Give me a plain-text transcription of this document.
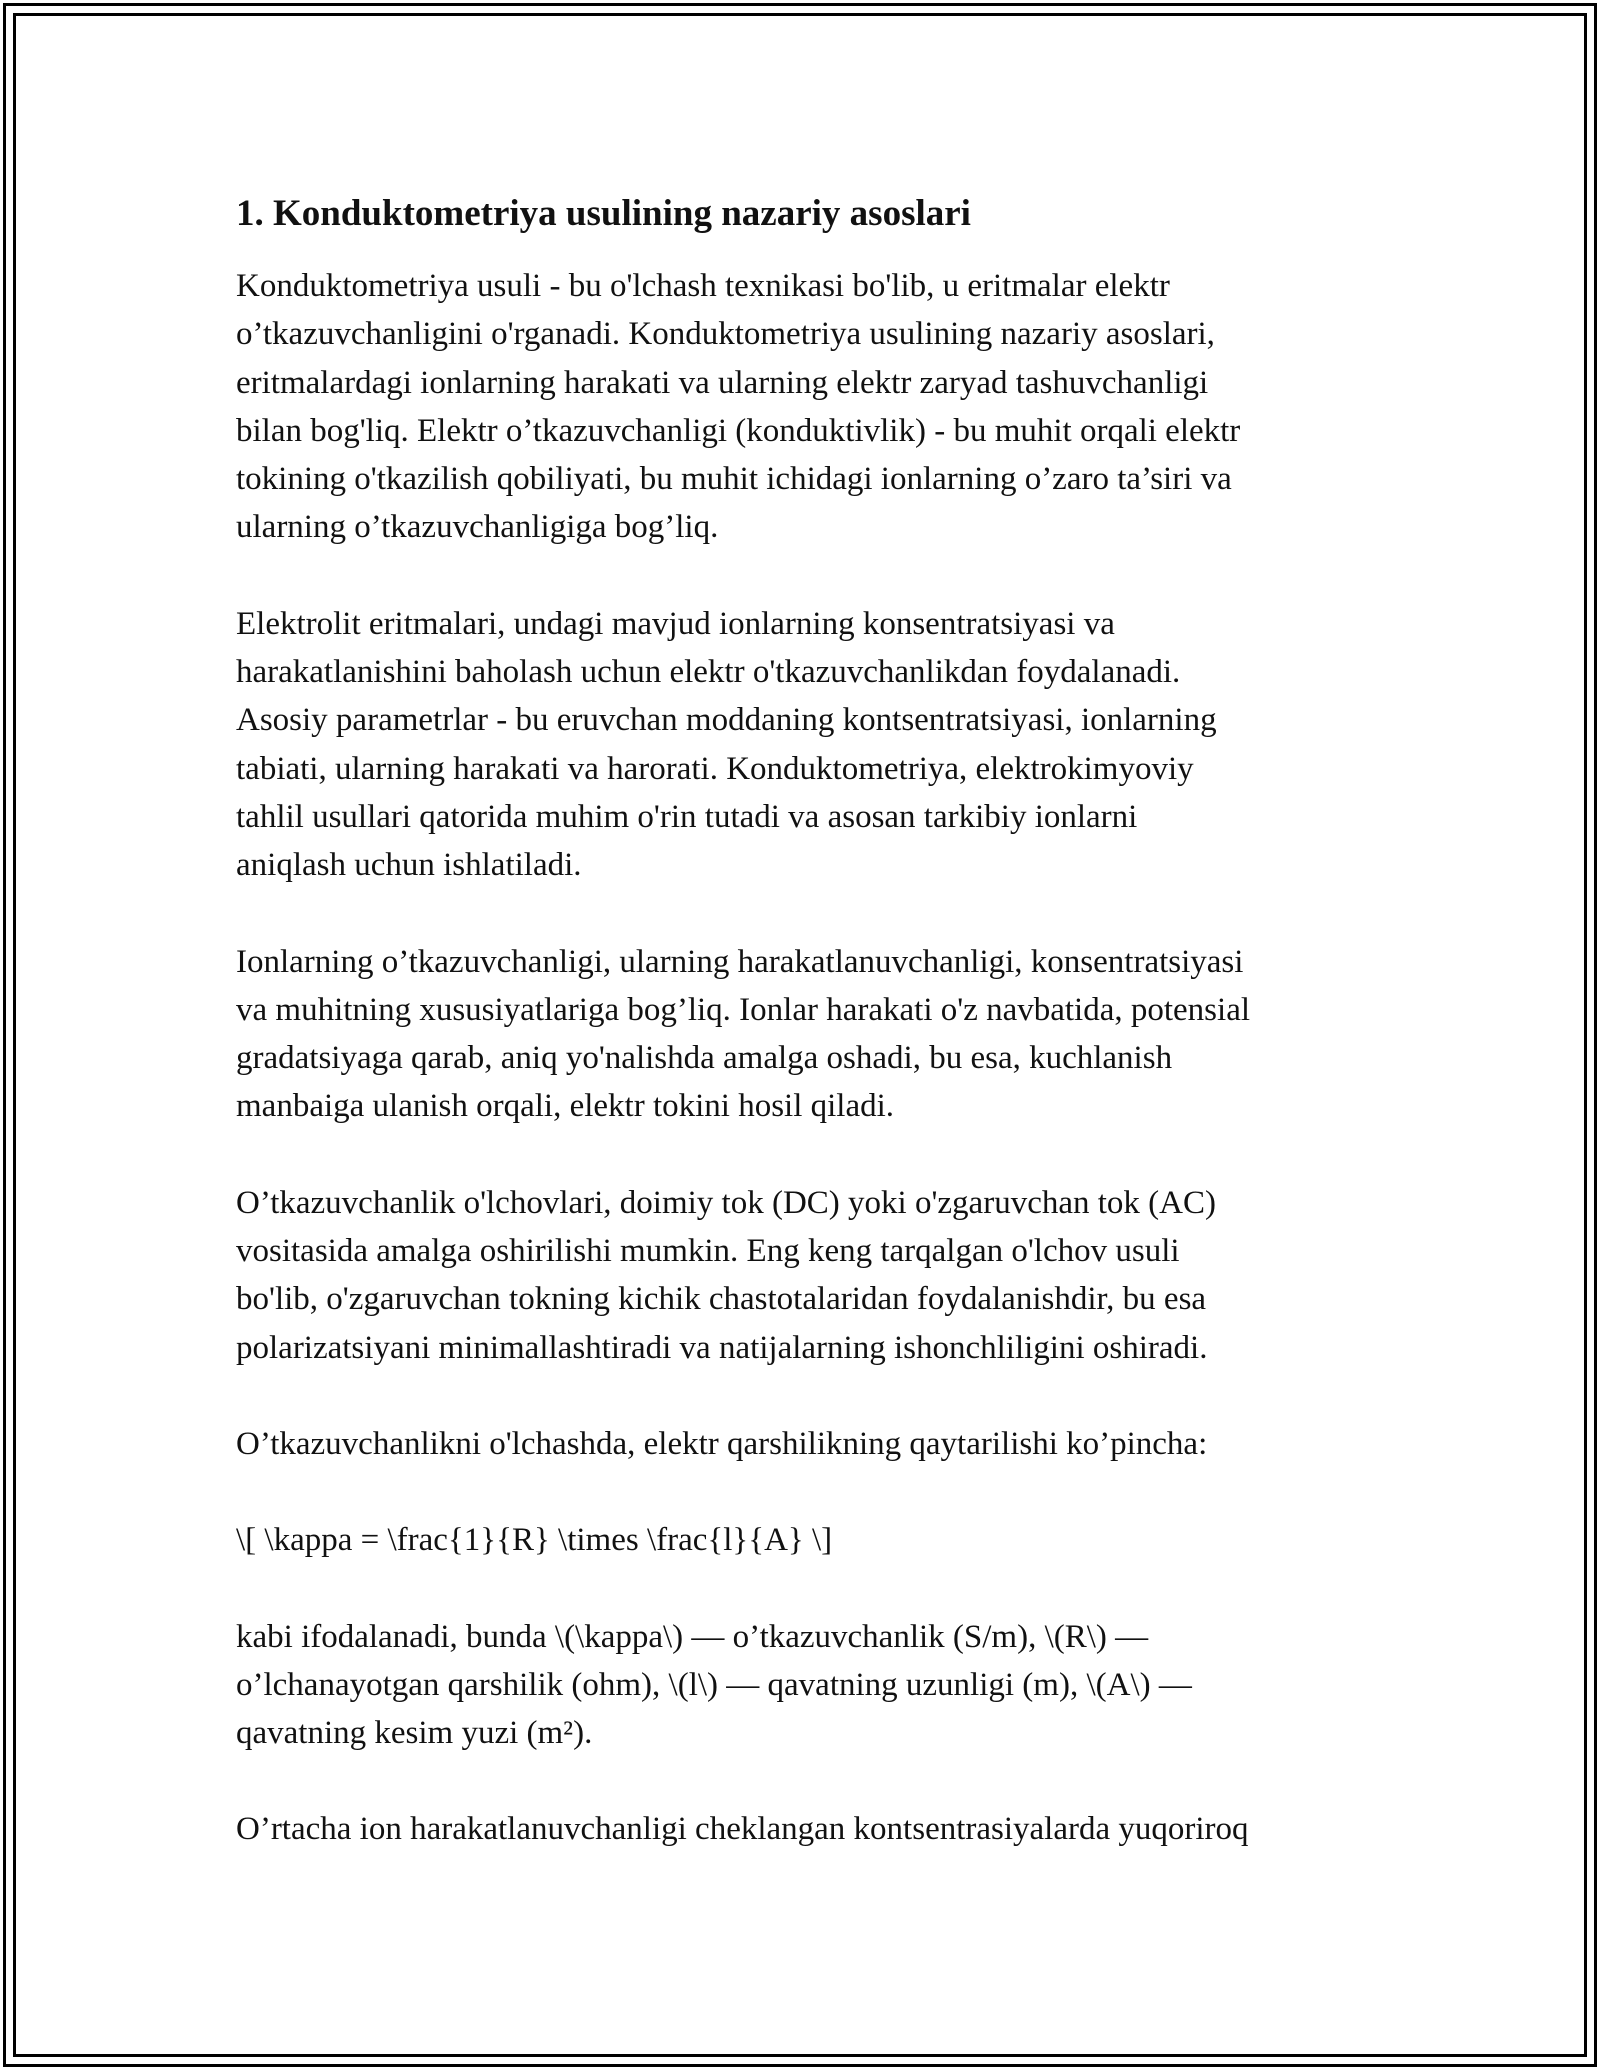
1. Konduktometriya usulining nazariy asoslari

Konduktometriya usuli - bu o'lchash texnikasi bo'lib, u eritmalar elektr
o’tkazuvchanligini o'rganadi. Konduktometriya usulining nazariy asoslari,
eritmalardagi ionlarning harakati va ularning elektr zaryad tashuvchanligi
bilan bog'liq. Elektr o’tkazuvchanligi (konduktivlik) - bu muhit orqali elektr
tokining o'tkazilish qobiliyati, bu muhit ichidagi ionlarning o’zaro ta’siri va
ularning o’tkazuvchanligiga bog’liq.

Elektrolit eritmalari, undagi mavjud ionlarning konsentratsiyasi va
harakatlanishini baholash uchun elektr o'tkazuvchanlikdan foydalanadi.
Asosiy parametrlar - bu eruvchan moddaning kontsentratsiyasi, ionlarning
tabiati, ularning harakati va harorati. Konduktometriya, elektrokimyoviy
tahlil usullari qatorida muhim o'rin tutadi va asosan tarkibiy ionlarni
aniqlash uchun ishlatiladi.

Ionlarning o’tkazuvchanligi, ularning harakatlanuvchanligi, konsentratsiyasi
va muhitning xususiyatlariga bog’liq. Ionlar harakati o'z navbatida, potensial
gradatsiyaga qarab, aniq yo'nalishda amalga oshadi, bu esa, kuchlanish
manbaiga ulanish orqali, elektr tokini hosil qiladi.

O’tkazuvchanlik o'lchovlari, doimiy tok (DC) yoki o'zgaruvchan tok (AC)
vositasida amalga oshirilishi mumkin. Eng keng tarqalgan o'lchov usuli
bo'lib, o'zgaruvchan tokning kichik chastotalaridan foydalanishdir, bu esa
polarizatsiyani minimallashtiradi va natijalarning ishonchliligini oshiradi.

O’tkazuvchanlikni o'lchashda, elektr qarshilikning qaytarilishi ko’pincha:

\[ \kappa = \frac{1}{R} \times \frac{l}{A} \]

kabi ifodalanadi, bunda \(\kappa\) — o’tkazuvchanlik (S/m), \(R\) —
o’lchanayotgan qarshilik (ohm), \(l\) — qavatning uzunligi (m), \(A\) —
qavatning kesim yuzi (m²).

O’rtacha ion harakatlanuvchanligi cheklangan kontsentrasiyalarda yuqoriroq
